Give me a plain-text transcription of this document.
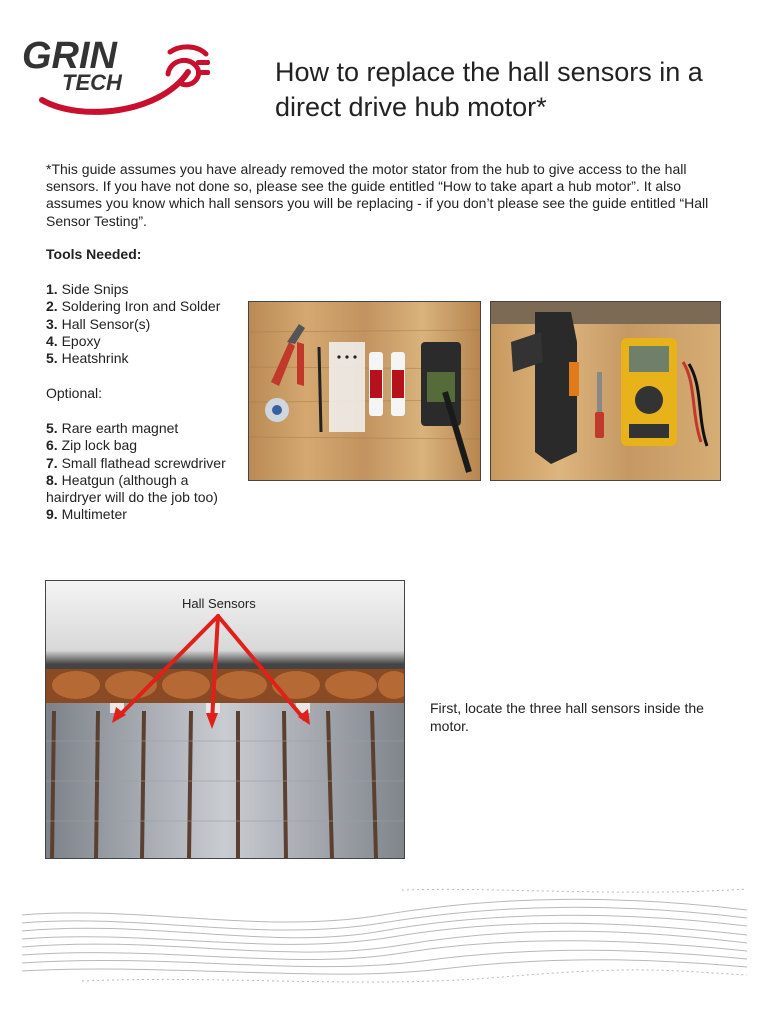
GRIN
TECH	How to replace the hall sensors in a direct drive hub motor*

*This guide assumes you have already removed the motor stator from the hub to give access to the hall sensors. If you have not done so, please see the guide entitled “How to take apart a hub motor”. It also assumes you know which hall sensors you will be replacing - if you don’t please see the guide entitled “Hall Sensor Testing”.

Tools Needed:

1. Side Snips
2. Soldering Iron and Solder
3. Hall Sensor(s)
4. Epoxy
5. Heatshrink

Optional:

5. Rare earth magnet
6. Zip lock bag
7. Small flathead screwdriver
8. Heatgun (although a hairdryer will do the job too)
9. Multimeter
Hall Sensors

First, locate the three hall sensors inside the motor.
